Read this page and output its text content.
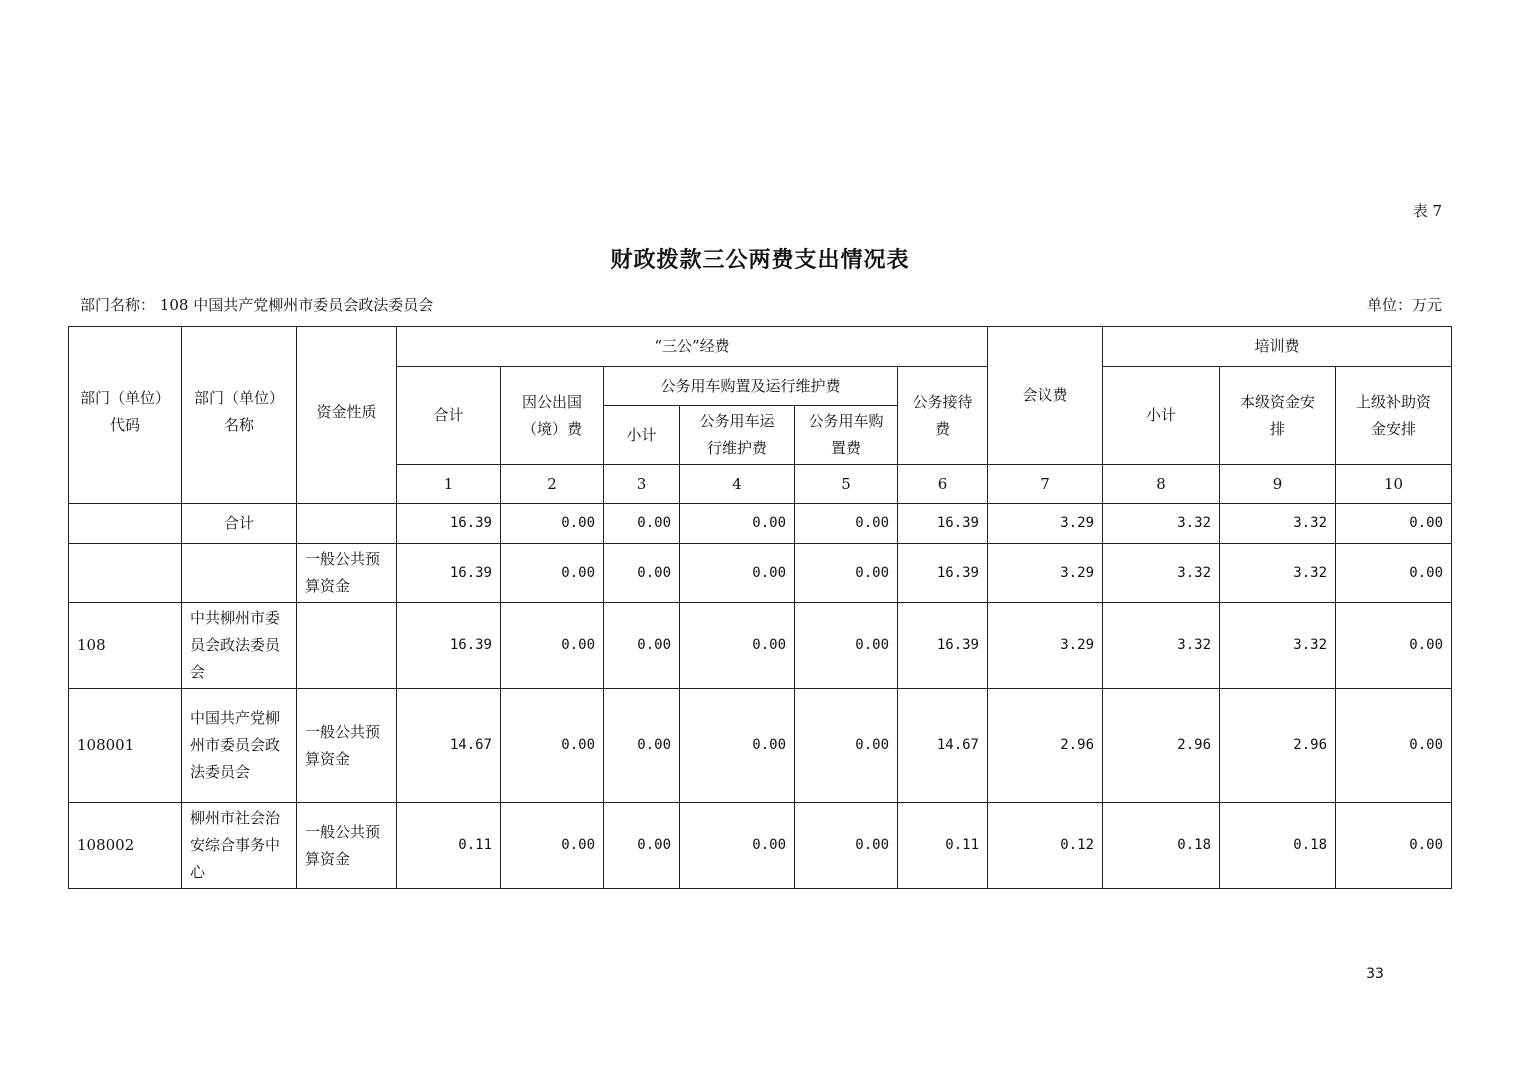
表 7
财政拨款三公两费支出情况表
部门名称： 108 中国共产党柳州市委员会政法委员会	单位：万元
部门（单位）代码	部门（单位）名称	资金性质	“三公”经费						会议费	培训费		
			合计	因公出国（境）费	公务用车购置及运行维护费			公务接待费		小计	本级资金安排	上级补助资金安排
					小计	公务用车运行维护费	公务用车购置费					
			1	2	3	4	5	6	7	8	9	10
	合计		16.39	0.00	0.00	0.00	0.00	16.39	3.29	3.32	3.32	0.00
		一般公共预算资金	16.39	0.00	0.00	0.00	0.00	16.39	3.29	3.32	3.32	0.00
108	中共柳州市委员会政法委员会		16.39	0.00	0.00	0.00	0.00	16.39	3.29	3.32	3.32	0.00
108001	中国共产党柳州市委员会政法委员会	一般公共预算资金	14.67	0.00	0.00	0.00	0.00	14.67	2.96	2.96	2.96	0.00
108002	柳州市社会治安综合事务中心	一般公共预算资金	0.11	0.00	0.00	0.00	0.00	0.11	0.12	0.18	0.18	0.00
33
